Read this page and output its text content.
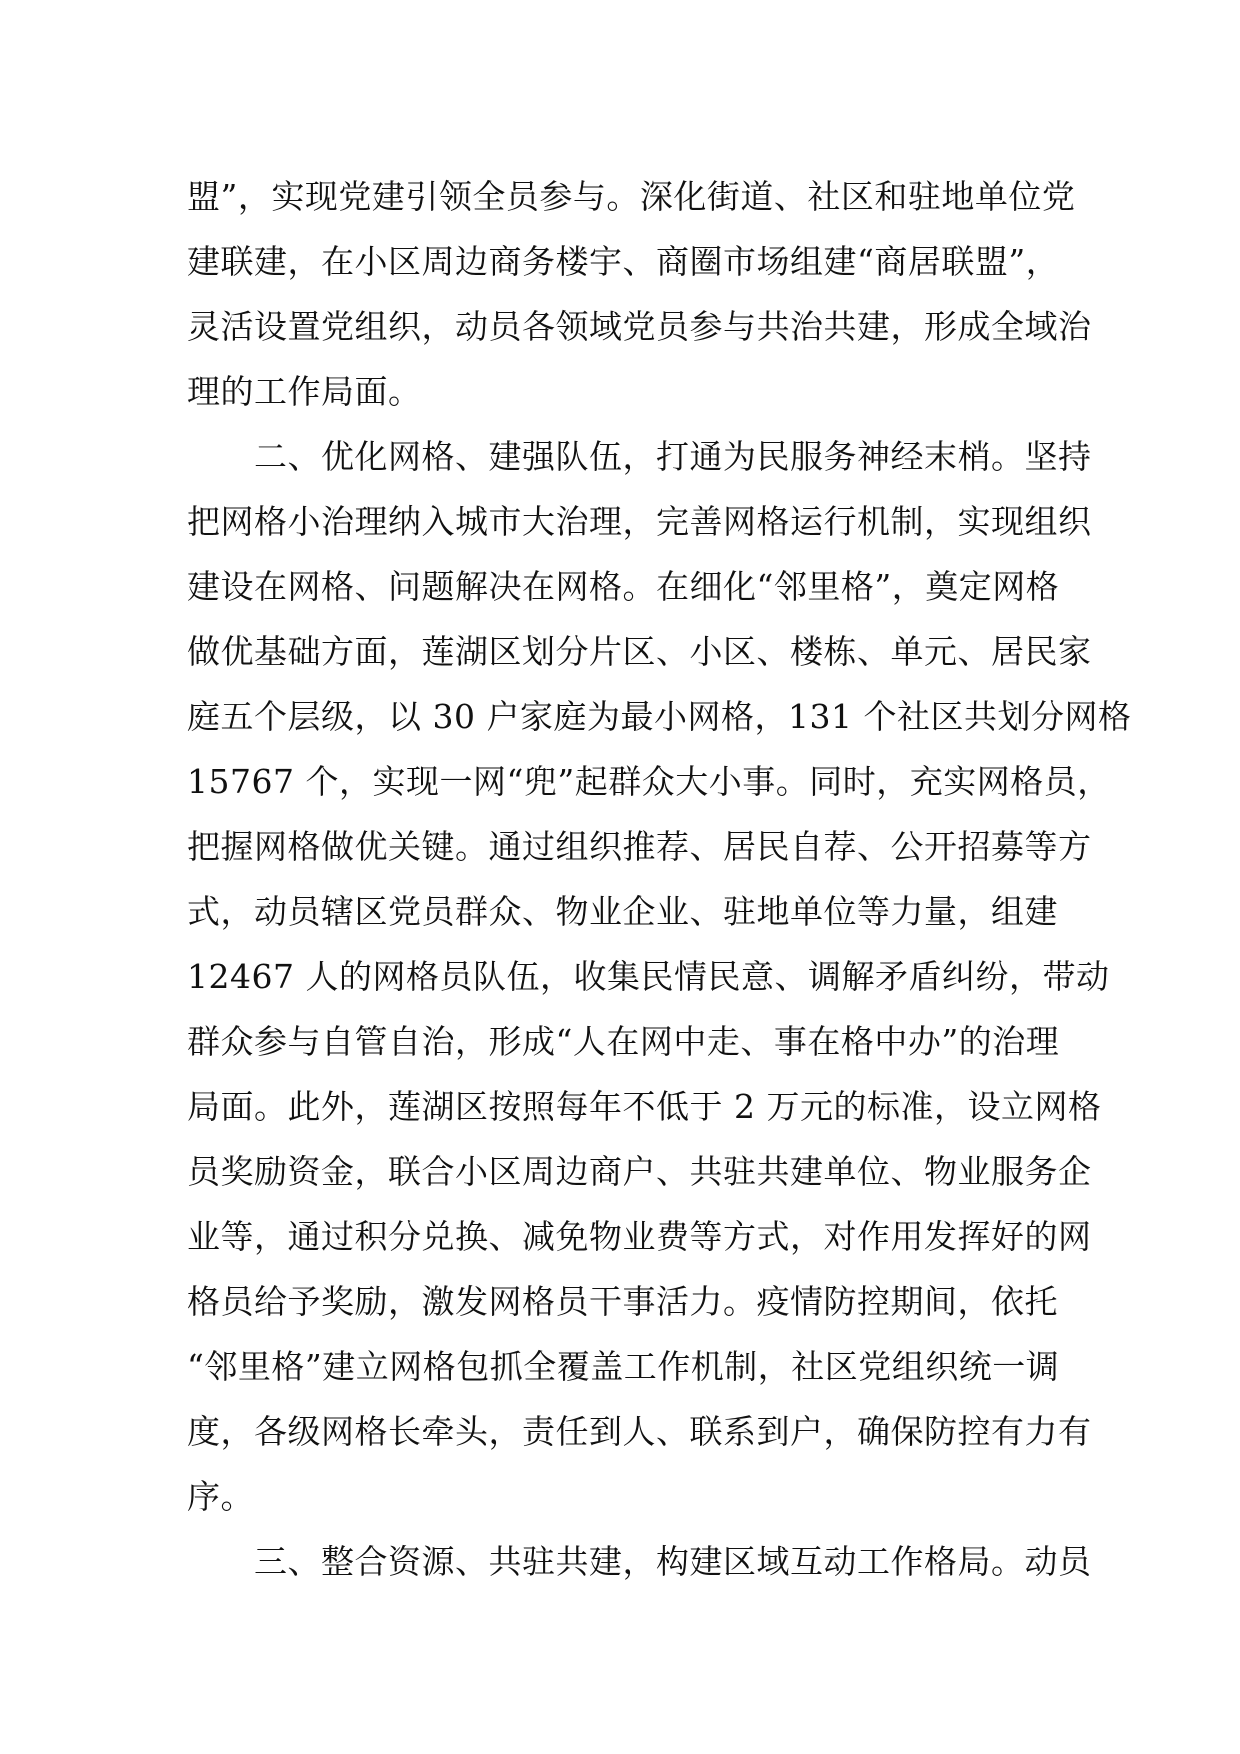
盟”，实现党建引领全员参与。深化街道、社区和驻地单位党
建联建，在小区周边商务楼宇、商圈市场组建“商居联盟”，
灵活设置党组织，动员各领域党员参与共治共建，形成全域治
理的工作局面。
　　二、优化网格、建强队伍，打通为民服务神经末梢。坚持
把网格小治理纳入城市大治理，完善网格运行机制，实现组织
建设在网格、问题解决在网格。在细化“邻里格”，奠定网格
做优基础方面，莲湖区划分片区、小区、楼栋、单元、居民家
庭五个层级，以 30 户家庭为最小网格，131 个社区共划分网格
15767 个，实现一网“兜”起群众大小事。同时，充实网格员，
把握网格做优关键。通过组织推荐、居民自荐、公开招募等方
式，动员辖区党员群众、物业企业、驻地单位等力量，组建
12467 人的网格员队伍，收集民情民意、调解矛盾纠纷，带动
群众参与自管自治，形成“人在网中走、事在格中办”的治理
局面。此外，莲湖区按照每年不低于 2 万元的标准，设立网格
员奖励资金，联合小区周边商户、共驻共建单位、物业服务企
业等，通过积分兑换、减免物业费等方式，对作用发挥好的网
格员给予奖励，激发网格员干事活力。疫情防控期间，依托
“邻里格”建立网格包抓全覆盖工作机制，社区党组织统一调
度，各级网格长牵头，责任到人、联系到户，确保防控有力有
序。
　　三、整合资源、共驻共建，构建区域互动工作格局。动员
